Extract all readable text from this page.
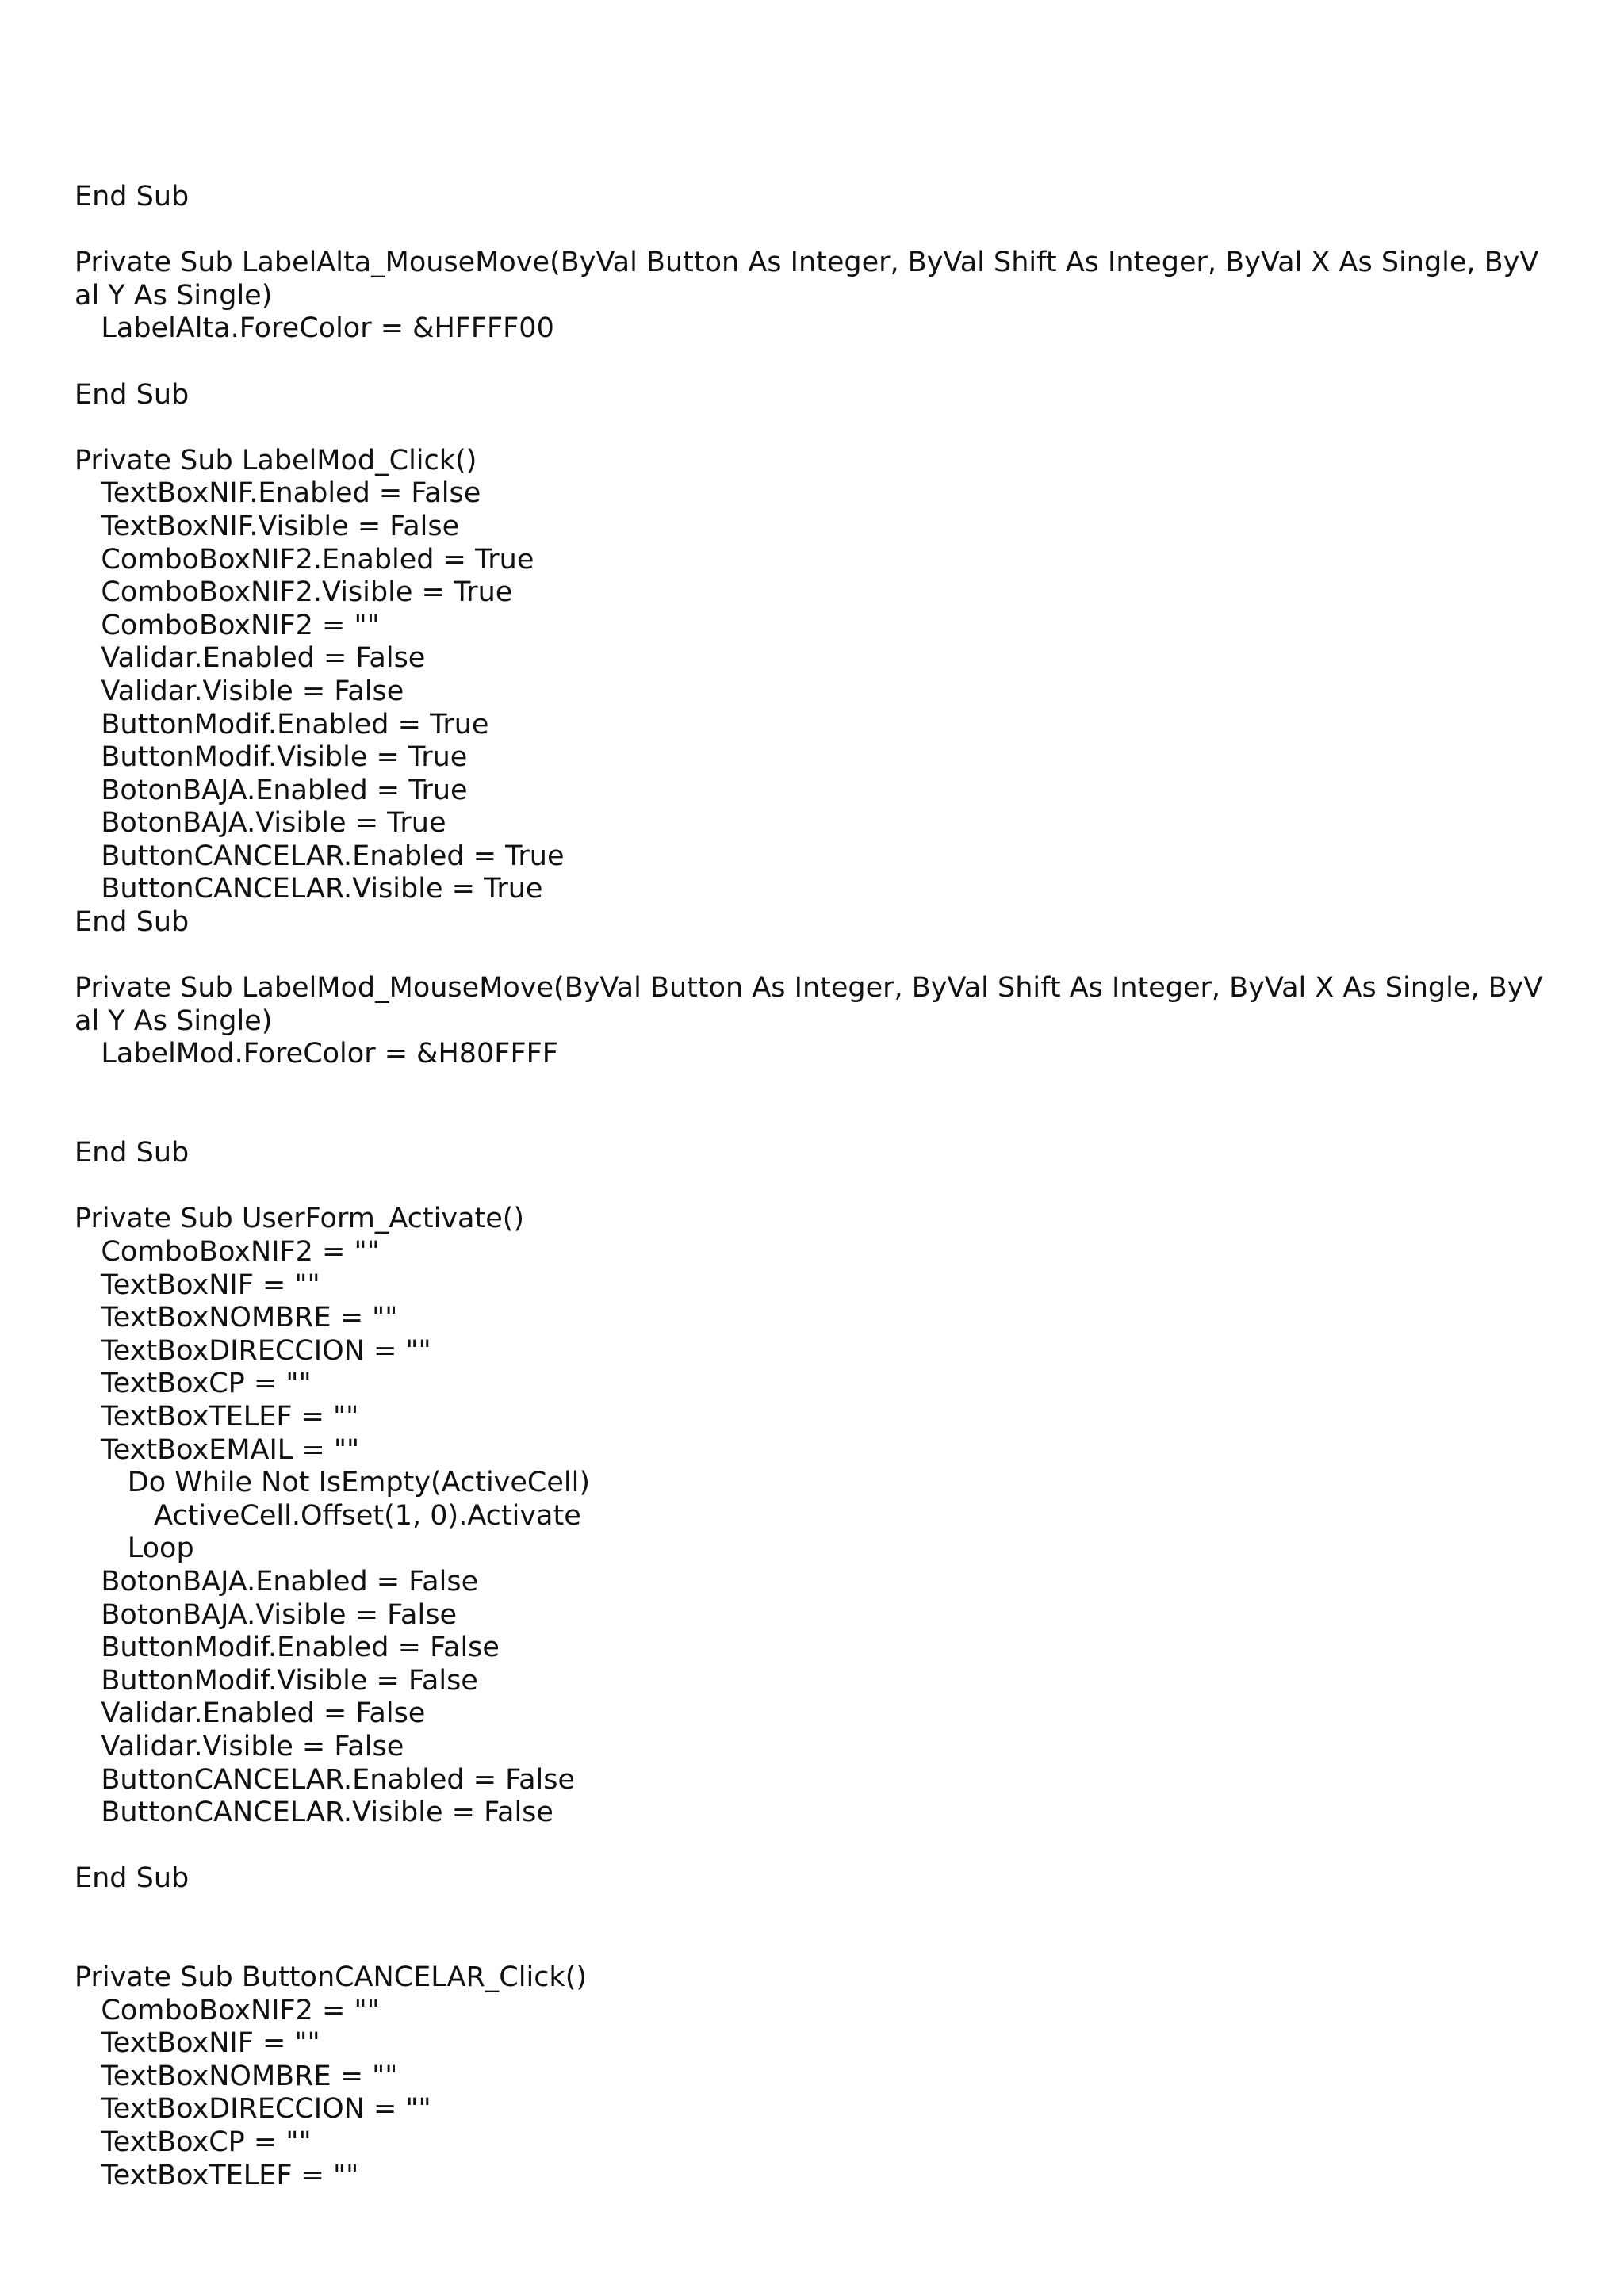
End Sub
Private Sub LabelAlta_MouseMove(ByVal Button As Integer, ByVal Shift As Integer, ByVal X As Single, ByV
al Y As Single)
LabelAlta.ForeColor = &HFFFF00
End Sub
Private Sub LabelMod_Click()
TextBoxNIF.Enabled = False
TextBoxNIF.Visible = False
ComboBoxNIF2.Enabled = True
ComboBoxNIF2.Visible = True
ComboBoxNIF2 = ""
Validar.Enabled = False
Validar.Visible = False
ButtonModif.Enabled = True
ButtonModif.Visible = True
BotonBAJA.Enabled = True
BotonBAJA.Visible = True
ButtonCANCELAR.Enabled = True
ButtonCANCELAR.Visible = True
End Sub
Private Sub LabelMod_MouseMove(ByVal Button As Integer, ByVal Shift As Integer, ByVal X As Single, ByV
al Y As Single)
LabelMod.ForeColor = &H80FFFF
End Sub
Private Sub UserForm_Activate()
ComboBoxNIF2 = ""
TextBoxNIF = ""
TextBoxNOMBRE = ""
TextBoxDIRECCION = ""
TextBoxCP = ""
TextBoxTELEF = ""
TextBoxEMAIL = ""
Do While Not IsEmpty(ActiveCell)
ActiveCell.Offset(1, 0).Activate
Loop
BotonBAJA.Enabled = False
BotonBAJA.Visible = False
ButtonModif.Enabled = False
ButtonModif.Visible = False
Validar.Enabled = False
Validar.Visible = False
ButtonCANCELAR.Enabled = False
ButtonCANCELAR.Visible = False
End Sub
Private Sub ButtonCANCELAR_Click()
ComboBoxNIF2 = ""
TextBoxNIF = ""
TextBoxNOMBRE = ""
TextBoxDIRECCION = ""
TextBoxCP = ""
TextBoxTELEF = ""
